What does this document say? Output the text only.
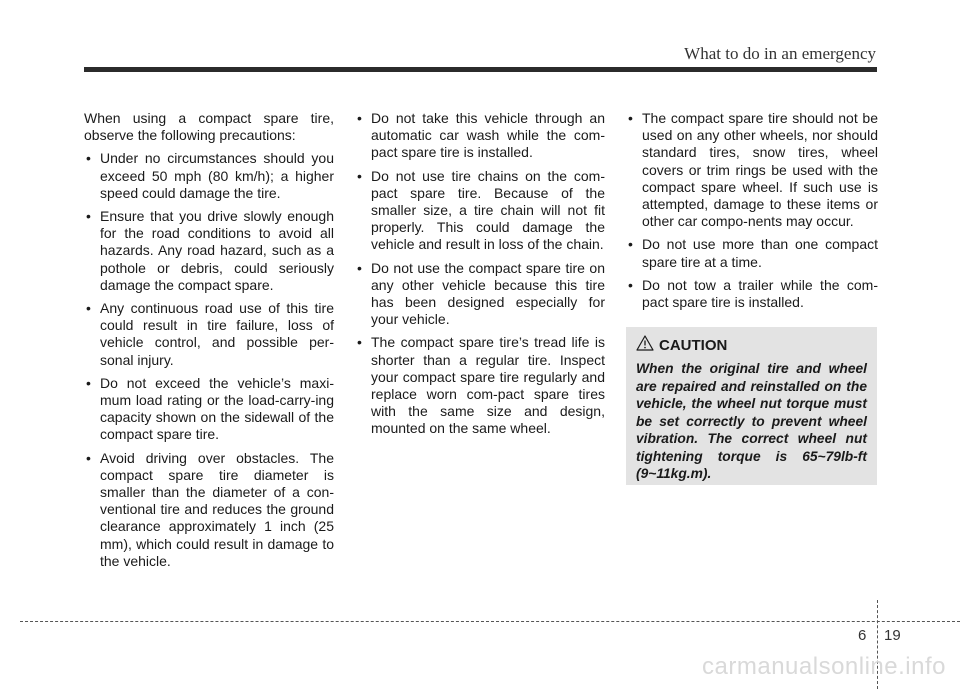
What to do in an emergency

When using a compact spare tire, observe the following precautions:

• Under no circumstances should you exceed 50 mph (80 km/h); a higher speed could damage the tire.
• Ensure that you drive slowly enough for the road conditions to avoid all hazards. Any road hazard, such as a pothole or debris, could seriously damage the compact spare.
• Any continuous road use of this tire could result in tire failure, loss of vehicle control, and possible per-sonal injury.
• Do not exceed the vehicle’s maxi-mum load rating or the load-carry-ing capacity shown on the sidewall of the compact spare tire.
• Avoid driving over obstacles. The compact spare tire diameter is smaller than the diameter of a con-ventional tire and reduces the ground clearance approximately 1 inch (25 mm), which could result in damage to the vehicle.
• Do not take this vehicle through an automatic car wash while the com-pact spare tire is installed.
• Do not use tire chains on the com-pact spare tire. Because of the smaller size, a tire chain will not fit properly. This could damage the vehicle and result in loss of the chain.
• Do not use the compact spare tire on any other vehicle because this tire has been designed especially for your vehicle.
• The compact spare tire’s tread life is shorter than a regular tire. Inspect your compact spare tire regularly and replace worn com-pact spare tires with the same size and design, mounted on the same wheel.
• The compact spare tire should not be used on any other wheels, nor should standard tires, snow tires, wheel covers or trim rings be used with the compact spare wheel. If such use is attempted, damage to these items or other car compo-nents may occur.
• Do not use more than one compact spare tire at a time.
• Do not tow a trailer while the com-pact spare tire is installed.
CAUTION

When the original tire and wheel are repaired and reinstalled on the vehicle, the wheel nut torque must be set correctly to prevent wheel vibration. The correct wheel nut tightening torque is 65~79lb-ft (9~11kg.m).

6 19
carmanualsonline.info
